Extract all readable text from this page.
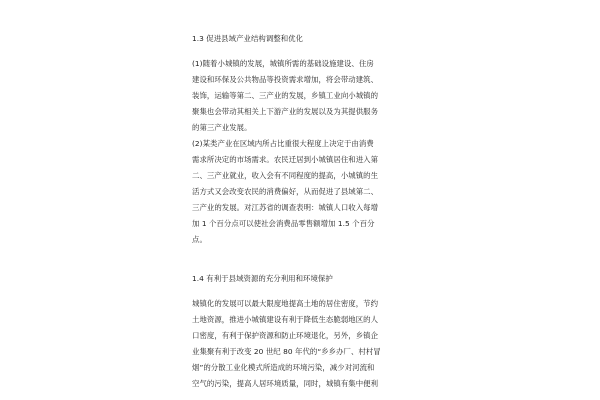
1.3 促进县域产业结构调整和优化
(1)随着小城镇的发展，城镇所需的基础设施建设、住房
建设和环保及公共物品等投资需求增加，将会带动建筑、
装饰，运输等第二、三产业的发展，乡镇工业向小城镇的
聚集也会带动其相关上下游产业的发展以及为其提供服务
的第三产业发展。
(2)某类产业在区域内所占比重很大程度上决定于由消费
需求所决定的市场需求。农民迁居到小城镇居住和进入第
二、三产业就业，收入会有不同程度的提高，小城镇的生
活方式又会改变农民的消费偏好，从而促进了县域第二、
三产业的发展。对江苏省的调查表明：城镇人口收入每增
加 1 个百分点可以使社会消费品零售额增加 1.5 个百分
点。
1.4 有利于县域资源的充分利用和环境保护
城镇化的发展可以最大限度地提高土地的居住密度，节约
土地资源，推进小城镇建设有利于降低生态脆弱地区的人
口密度，有利于保护资源和防止环境退化，另外，乡镇企
业集聚有利于改变 20 世纪 80 年代的“乡乡办厂、村村冒
烟”的分散工业化模式所造成的环境污染，减少对河流和
空气的污染，提高人居环境质量，同时，城镇有集中便利
